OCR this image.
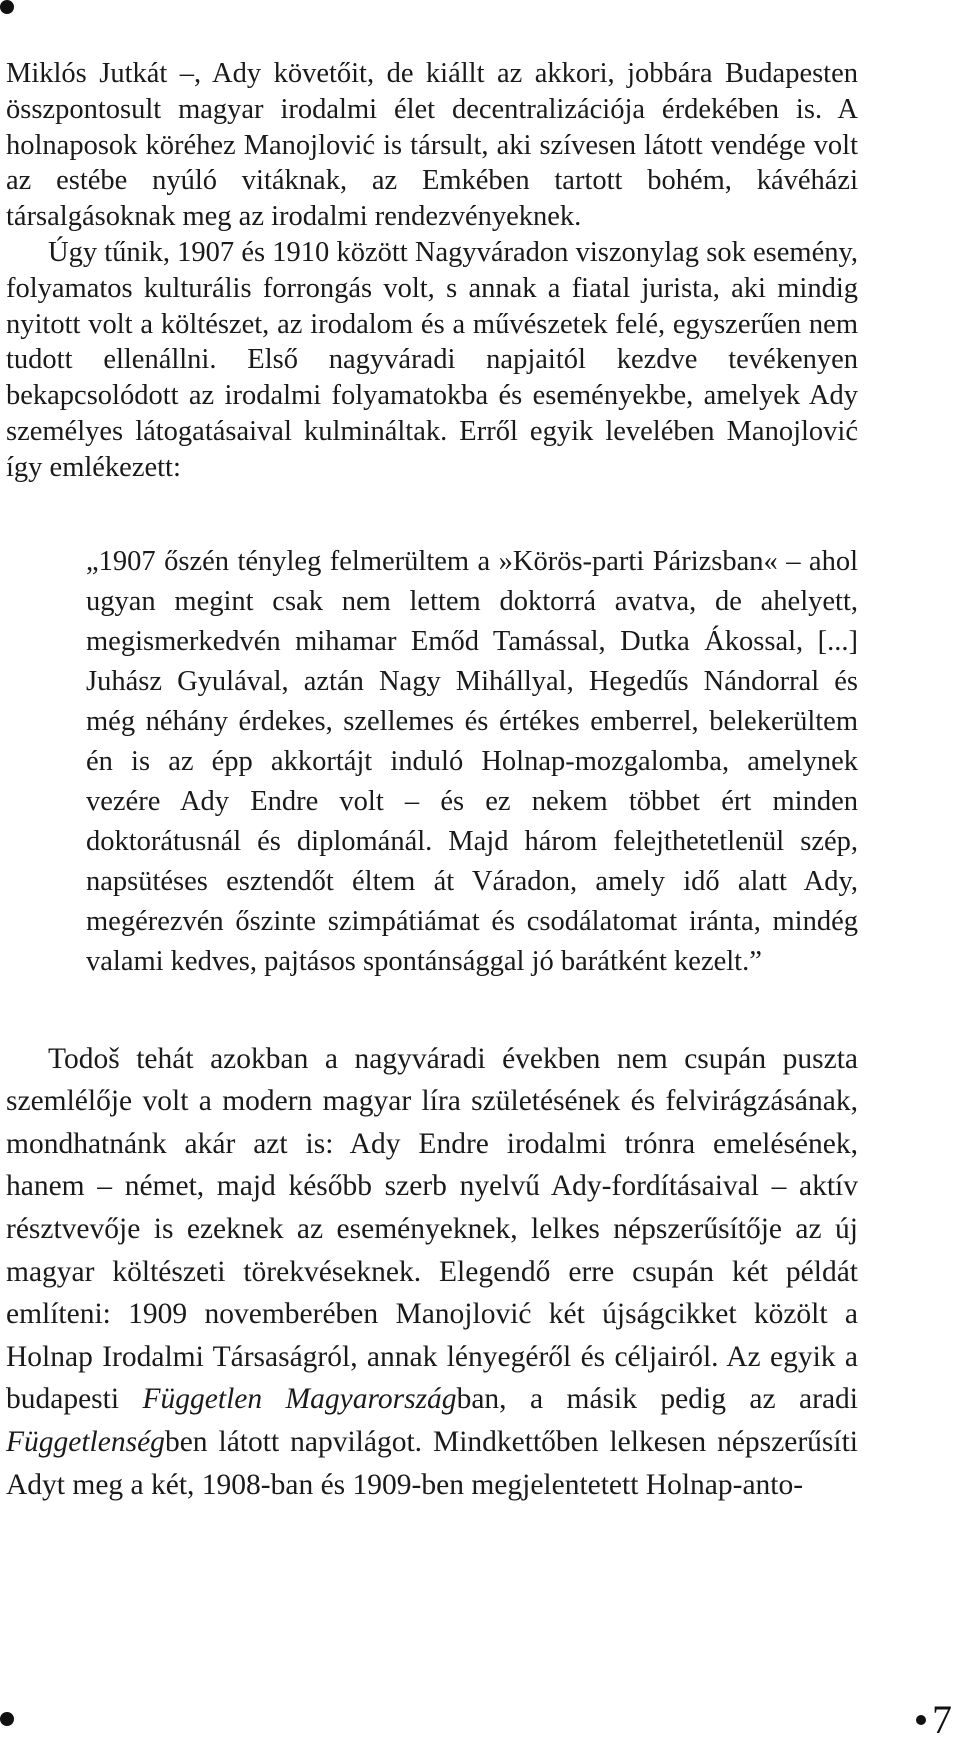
Miklós Jutkát –, Ady követőit, de kiállt az akkori, jobbára Budapesten összpontosult magyar irodalmi élet decentralizációja érdekében is. A holnaposok köréhez Manojlović is társult, aki szívesen látott vendége volt az estébe nyúló vitáknak, az Emkében tartott bohém, kávéházi társalgásoknak meg az irodalmi rendezvényeknek.

Úgy tűnik, 1907 és 1910 között Nagyváradon viszonylag sok esemény, folyamatos kulturális forrongás volt, s annak a fiatal jurista, aki mindig nyitott volt a költészet, az irodalom és a művészetek felé, egyszerűen nem tudott ellenállni. Első nagyváradi napjaitól kezdve tevékenyen bekapcsolódott az irodalmi folyamatokba és eseményekbe, amelyek Ady személyes látogatásaival kulmináltak. Erről egyik levelében Manojlović így emlékezett:

„1907 őszén tényleg felmerültem a »Körös-parti Párizsban« – ahol ugyan megint csak nem lettem doktorrá avatva, de ahelyett, megismerkedvén mihamar Emőd Tamással, Dutka Ákossal, [...] Juhász Gyulával, aztán Nagy Mihállyal, Hegedűs Nándorral és még néhány érdekes, szellemes és értékes emberrel, belekerültem én is az épp akkortájt induló Holnap-mozgalomba, amelynek vezére Ady Endre volt – és ez nekem többet ért minden doktorátusnál és diplománál. Majd három felejthetetlenül szép, napsütéses esztendőt éltem át Váradon, amely idő alatt Ady, megérezvén őszinte szimpátiámat és csodálatomat iránta, mindég valami kedves, pajtásos spontánsággal jó barátként kezelt.”

Todoš tehát azokban a nagyváradi években nem csupán puszta szemlélője volt a modern magyar líra születésének és felvirágzásának, mondhatnánk akár azt is: Ady Endre irodalmi trónra emelésének, hanem – német, majd később szerb nyelvű Ady-fordításaival – aktív résztvevője is ezeknek az eseményeknek, lelkes népszerűsítője az új magyar költészeti törekvéseknek. Elegendő erre csupán két példát említeni: 1909 novemberében Manojlović két újságcikket közölt a Holnap Irodalmi Társaságról, annak lényegéről és céljairól. Az egyik a budapesti Független Magyarországban, a másik pedig az aradi Függetlenségben látott napvilágot. Mindkettőben lelkesen népszerűsíti Adyt meg a két, 1908-ban és 1909-ben megjelentetett Holnap-anto-

7
